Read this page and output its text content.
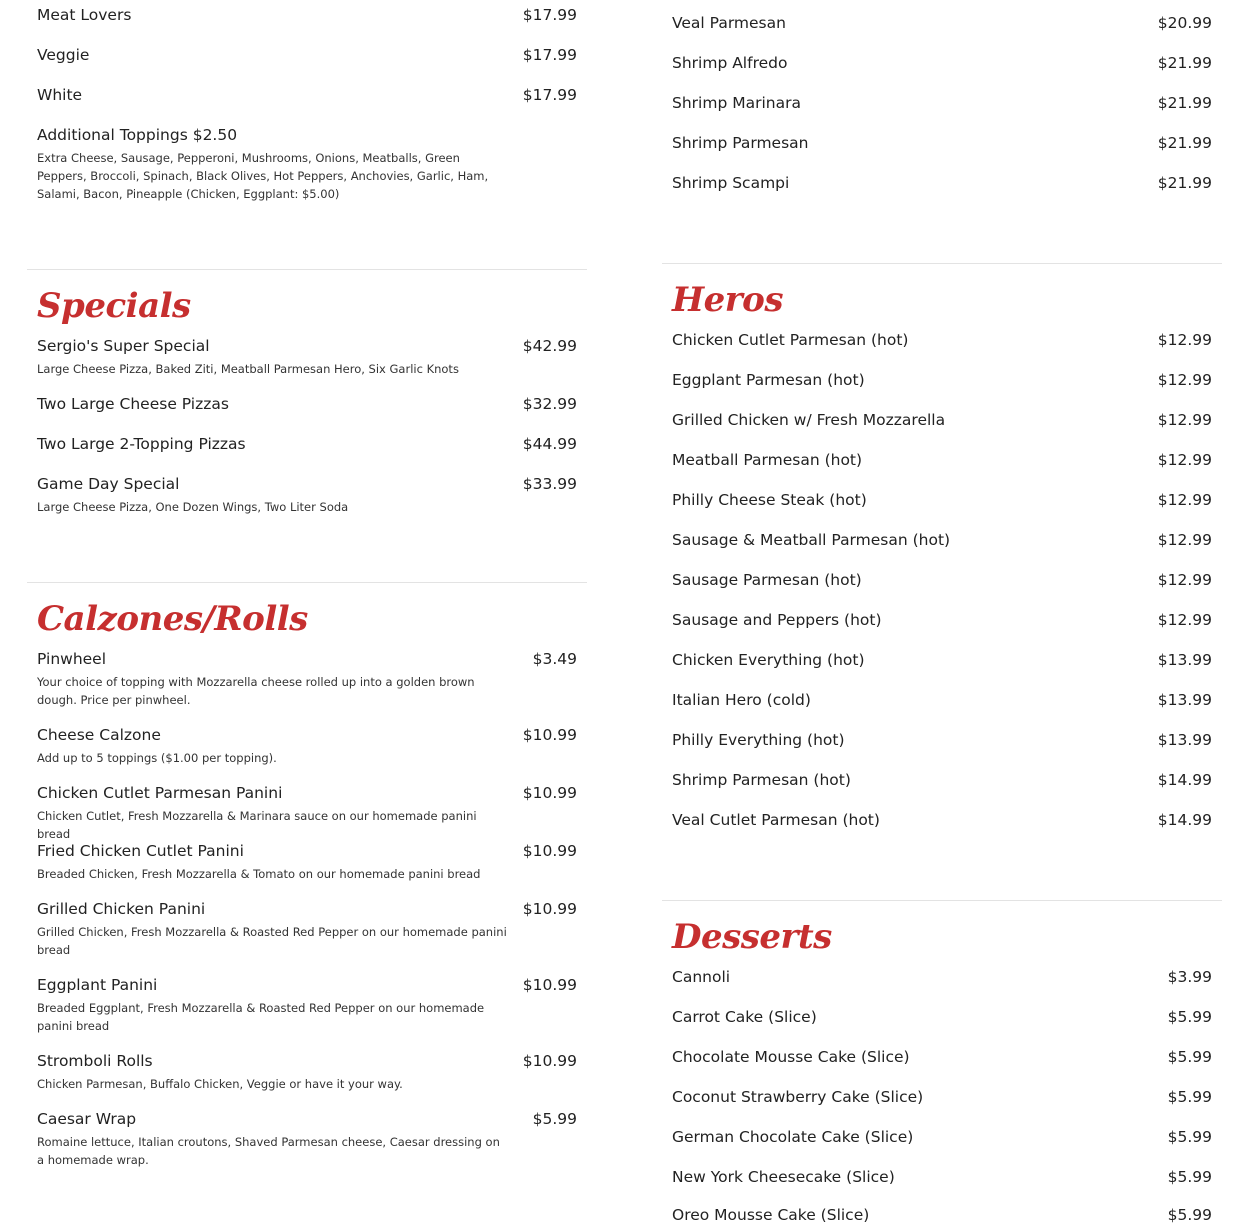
Meat Lovers	$17.99
Veggie	$17.99
White	$17.99
Additional Toppings $2.50
Extra Cheese, Sausage, Pepperoni, Mushrooms, Onions, Meatballs, Green Peppers, Broccoli, Spinach, Black Olives, Hot Peppers, Anchovies, Garlic, Ham, Salami, Bacon, Pineapple (Chicken, Eggplant: $5.00)
Specials
Sergio's Super Special	$42.99
Large Cheese Pizza, Baked Ziti, Meatball Parmesan Hero, Six Garlic Knots
Two Large Cheese Pizzas	$32.99
Two Large 2-Topping Pizzas	$44.99
Game Day Special	$33.99
Large Cheese Pizza, One Dozen Wings, Two Liter Soda
Calzones/Rolls
Pinwheel	$3.49
Your choice of topping with Mozzarella cheese rolled up into a golden brown dough. Price per pinwheel.
Cheese Calzone	$10.99
Add up to 5 toppings ($1.00 per topping).
Chicken Cutlet Parmesan Panini	$10.99
Chicken Cutlet, Fresh Mozzarella & Marinara sauce on our homemade panini bread
Fried Chicken Cutlet Panini	$10.99
Breaded Chicken, Fresh Mozzarella & Tomato on our homemade panini bread
Grilled Chicken Panini	$10.99
Grilled Chicken, Fresh Mozzarella & Roasted Red Pepper on our homemade panini bread
Eggplant Panini	$10.99
Breaded Eggplant, Fresh Mozzarella & Roasted Red Pepper on our homemade panini bread
Stromboli Rolls	$10.99
Chicken Parmesan, Buffalo Chicken, Veggie or have it your way.
Caesar Wrap	$5.99
Romaine lettuce, Italian croutons, Shaved Parmesan cheese, Caesar dressing on a homemade wrap.
Veal Parmesan	$20.99
Shrimp Alfredo	$21.99
Shrimp Marinara	$21.99
Shrimp Parmesan	$21.99
Shrimp Scampi	$21.99
Heros
Chicken Cutlet Parmesan (hot)	$12.99
Eggplant Parmesan (hot)	$12.99
Grilled Chicken w/ Fresh Mozzarella	$12.99
Meatball Parmesan (hot)	$12.99
Philly Cheese Steak (hot)	$12.99
Sausage & Meatball Parmesan (hot)	$12.99
Sausage Parmesan (hot)	$12.99
Sausage and Peppers (hot)	$12.99
Chicken Everything (hot)	$13.99
Italian Hero (cold)	$13.99
Philly Everything (hot)	$13.99
Shrimp Parmesan (hot)	$14.99
Veal Cutlet Parmesan (hot)	$14.99
Desserts
Cannoli	$3.99
Carrot Cake (Slice)	$5.99
Chocolate Mousse Cake (Slice)	$5.99
Coconut Strawberry Cake (Slice)	$5.99
German Chocolate Cake (Slice)	$5.99
New York Cheesecake (Slice)	$5.99
Oreo Mousse Cake (Slice)	$5.99
